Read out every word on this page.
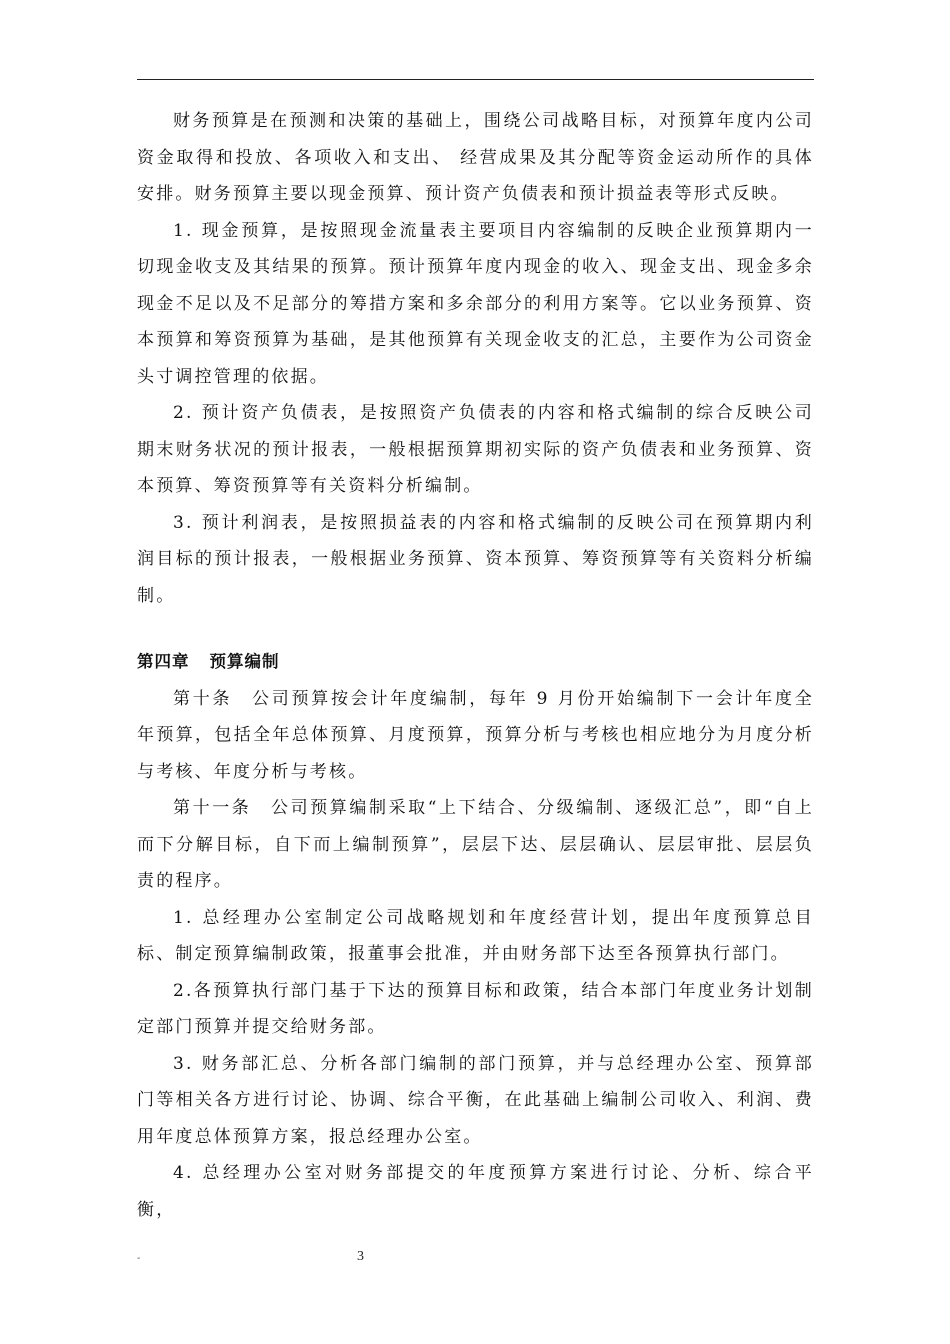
财务预算是在预测和决策的基础上，围绕公司战略目标，对预算年度内公司资金取得和投放、各项收入和支出、 经营成果及其分配等资金运动所作的具体安排。财务预算主要以现金预算、预计资产负债表和预计损益表等形式反映。

1. 现金预算，是按照现金流量表主要项目内容编制的反映企业预算期内一切现金收支及其结果的预算。预计预算年度内现金的收入、现金支出、现金多余现金不足以及不足部分的筹措方案和多余部分的利用方案等。它以业务预算、资本预算和筹资预算为基础，是其他预算有关现金收支的汇总，主要作为公司资金头寸调控管理的依据。

2. 预计资产负债表，是按照资产负债表的内容和格式编制的综合反映公司期末财务状况的预计报表，一般根据预算期初实际的资产负债表和业务预算、资本预算、筹资预算等有关资料分析编制。

3. 预计利润表，是按照损益表的内容和格式编制的反映公司在预算期内利润目标的预计报表，一般根据业务预算、资本预算、筹资预算等有关资料分析编制。

第四章 预算编制

第十条　公司预算按会计年度编制，每年 9 月份开始编制下一会计年度全年预算，包括全年总体预算、月度预算，预算分析与考核也相应地分为月度分析与考核、年度分析与考核。

第十一条　公司预算编制采取“上下结合、分级编制、逐级汇总”，即“自上而下分解目标，自下而上编制预算”，层层下达、层层确认、层层审批、层层负责的程序。

1. 总经理办公室制定公司战略规划和年度经营计划，提出年度预算总目标、制定预算编制政策，报董事会批准，并由财务部下达至各预算执行部门。

2.各预算执行部门基于下达的预算目标和政策，结合本部门年度业务计划制定部门预算并提交给财务部。

3. 财务部汇总、分析各部门编制的部门预算，并与总经理办公室、预算部门等相关各方进行讨论、协调、综合平衡，在此基础上编制公司收入、利润、费用年度总体预算方案，报总经理办公室。

4. 总经理办公室对财务部提交的年度预算方案进行讨论、分析、综合平衡，

-	3
